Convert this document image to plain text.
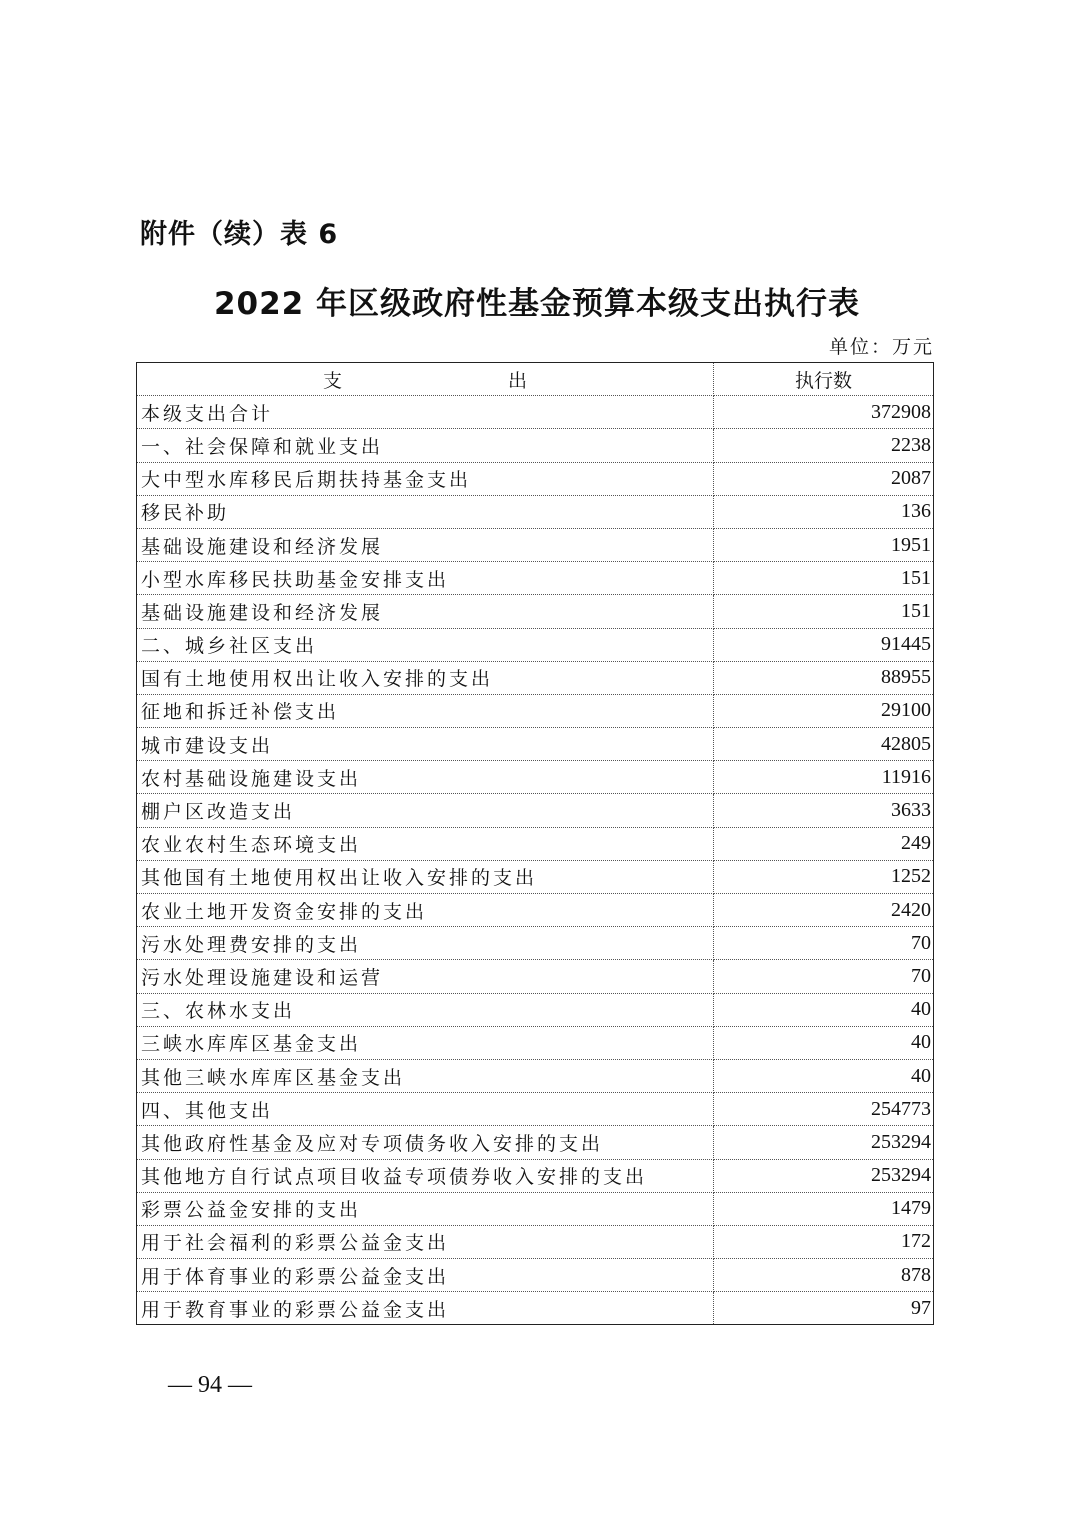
附件（续）表 6
2022 年区级政府性基金预算本级支出执行表
单位：万元
支 出	执行数
本级支出合计	372908
一、社会保障和就业支出	2238
大中型水库移民后期扶持基金支出	2087
移民补助	136
基础设施建设和经济发展	1951
小型水库移民扶助基金安排支出	151
基础设施建设和经济发展	151
二、城乡社区支出	91445
国有土地使用权出让收入安排的支出	88955
征地和拆迁补偿支出	29100
城市建设支出	42805
农村基础设施建设支出	11916
棚户区改造支出	3633
农业农村生态环境支出	249
其他国有土地使用权出让收入安排的支出	1252
农业土地开发资金安排的支出	2420
污水处理费安排的支出	70
污水处理设施建设和运营	70
三、农林水支出	40
三峡水库库区基金支出	40
其他三峡水库库区基金支出	40
四、其他支出	254773
其他政府性基金及应对专项债务收入安排的支出	253294
其他地方自行试点项目收益专项债券收入安排的支出	253294
彩票公益金安排的支出	1479
用于社会福利的彩票公益金支出	172
用于体育事业的彩票公益金支出	878
用于教育事业的彩票公益金支出	97
— 94 —
